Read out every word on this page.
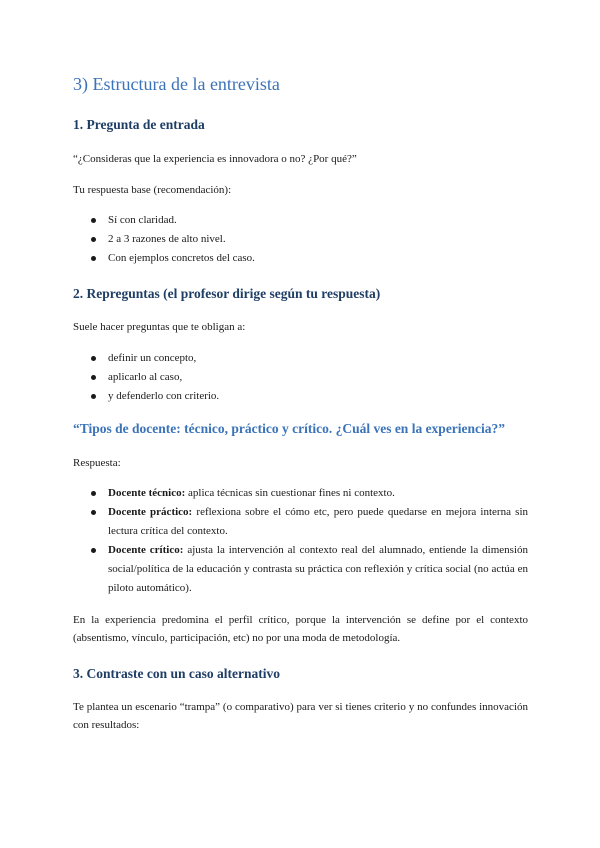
3) Estructura de la entrevista
1. Pregunta de entrada

“¿Consideras que la experiencia es innovadora o no? ¿Por qué?”

Tu respuesta base (recomendación):

Sí con claridad.
2 a 3 razones de alto nivel.
Con ejemplos concretos del caso.
2. Repreguntas (el profesor dirige según tu respuesta)

Suele hacer preguntas que te obligan a:

definir un concepto,
aplicarlo al caso,
y defenderlo con criterio.
“Tipos de docente: técnico, práctico y crítico. ¿Cuál ves en la experiencia?”

Respuesta:

Docente técnico: aplica técnicas sin cuestionar fines ni contexto.
Docente práctico: reflexiona sobre el cómo etc, pero puede quedarse en mejora interna sin lectura crítica del contexto.
Docente crítico: ajusta la intervención al contexto real del alumnado, entiende la dimensión social/política de la educación y contrasta su práctica con reflexión y crítica social (no actúa en piloto automático).

En la experiencia predomina el perfil crítico, porque la intervención se define por el contexto (absentismo, vínculo, participación, etc) no por una moda de metodología.

3. Contraste con un caso alternativo

Te plantea un escenario “trampa” (o comparativo) para ver si tienes criterio y no confundes innovación con resultados:
